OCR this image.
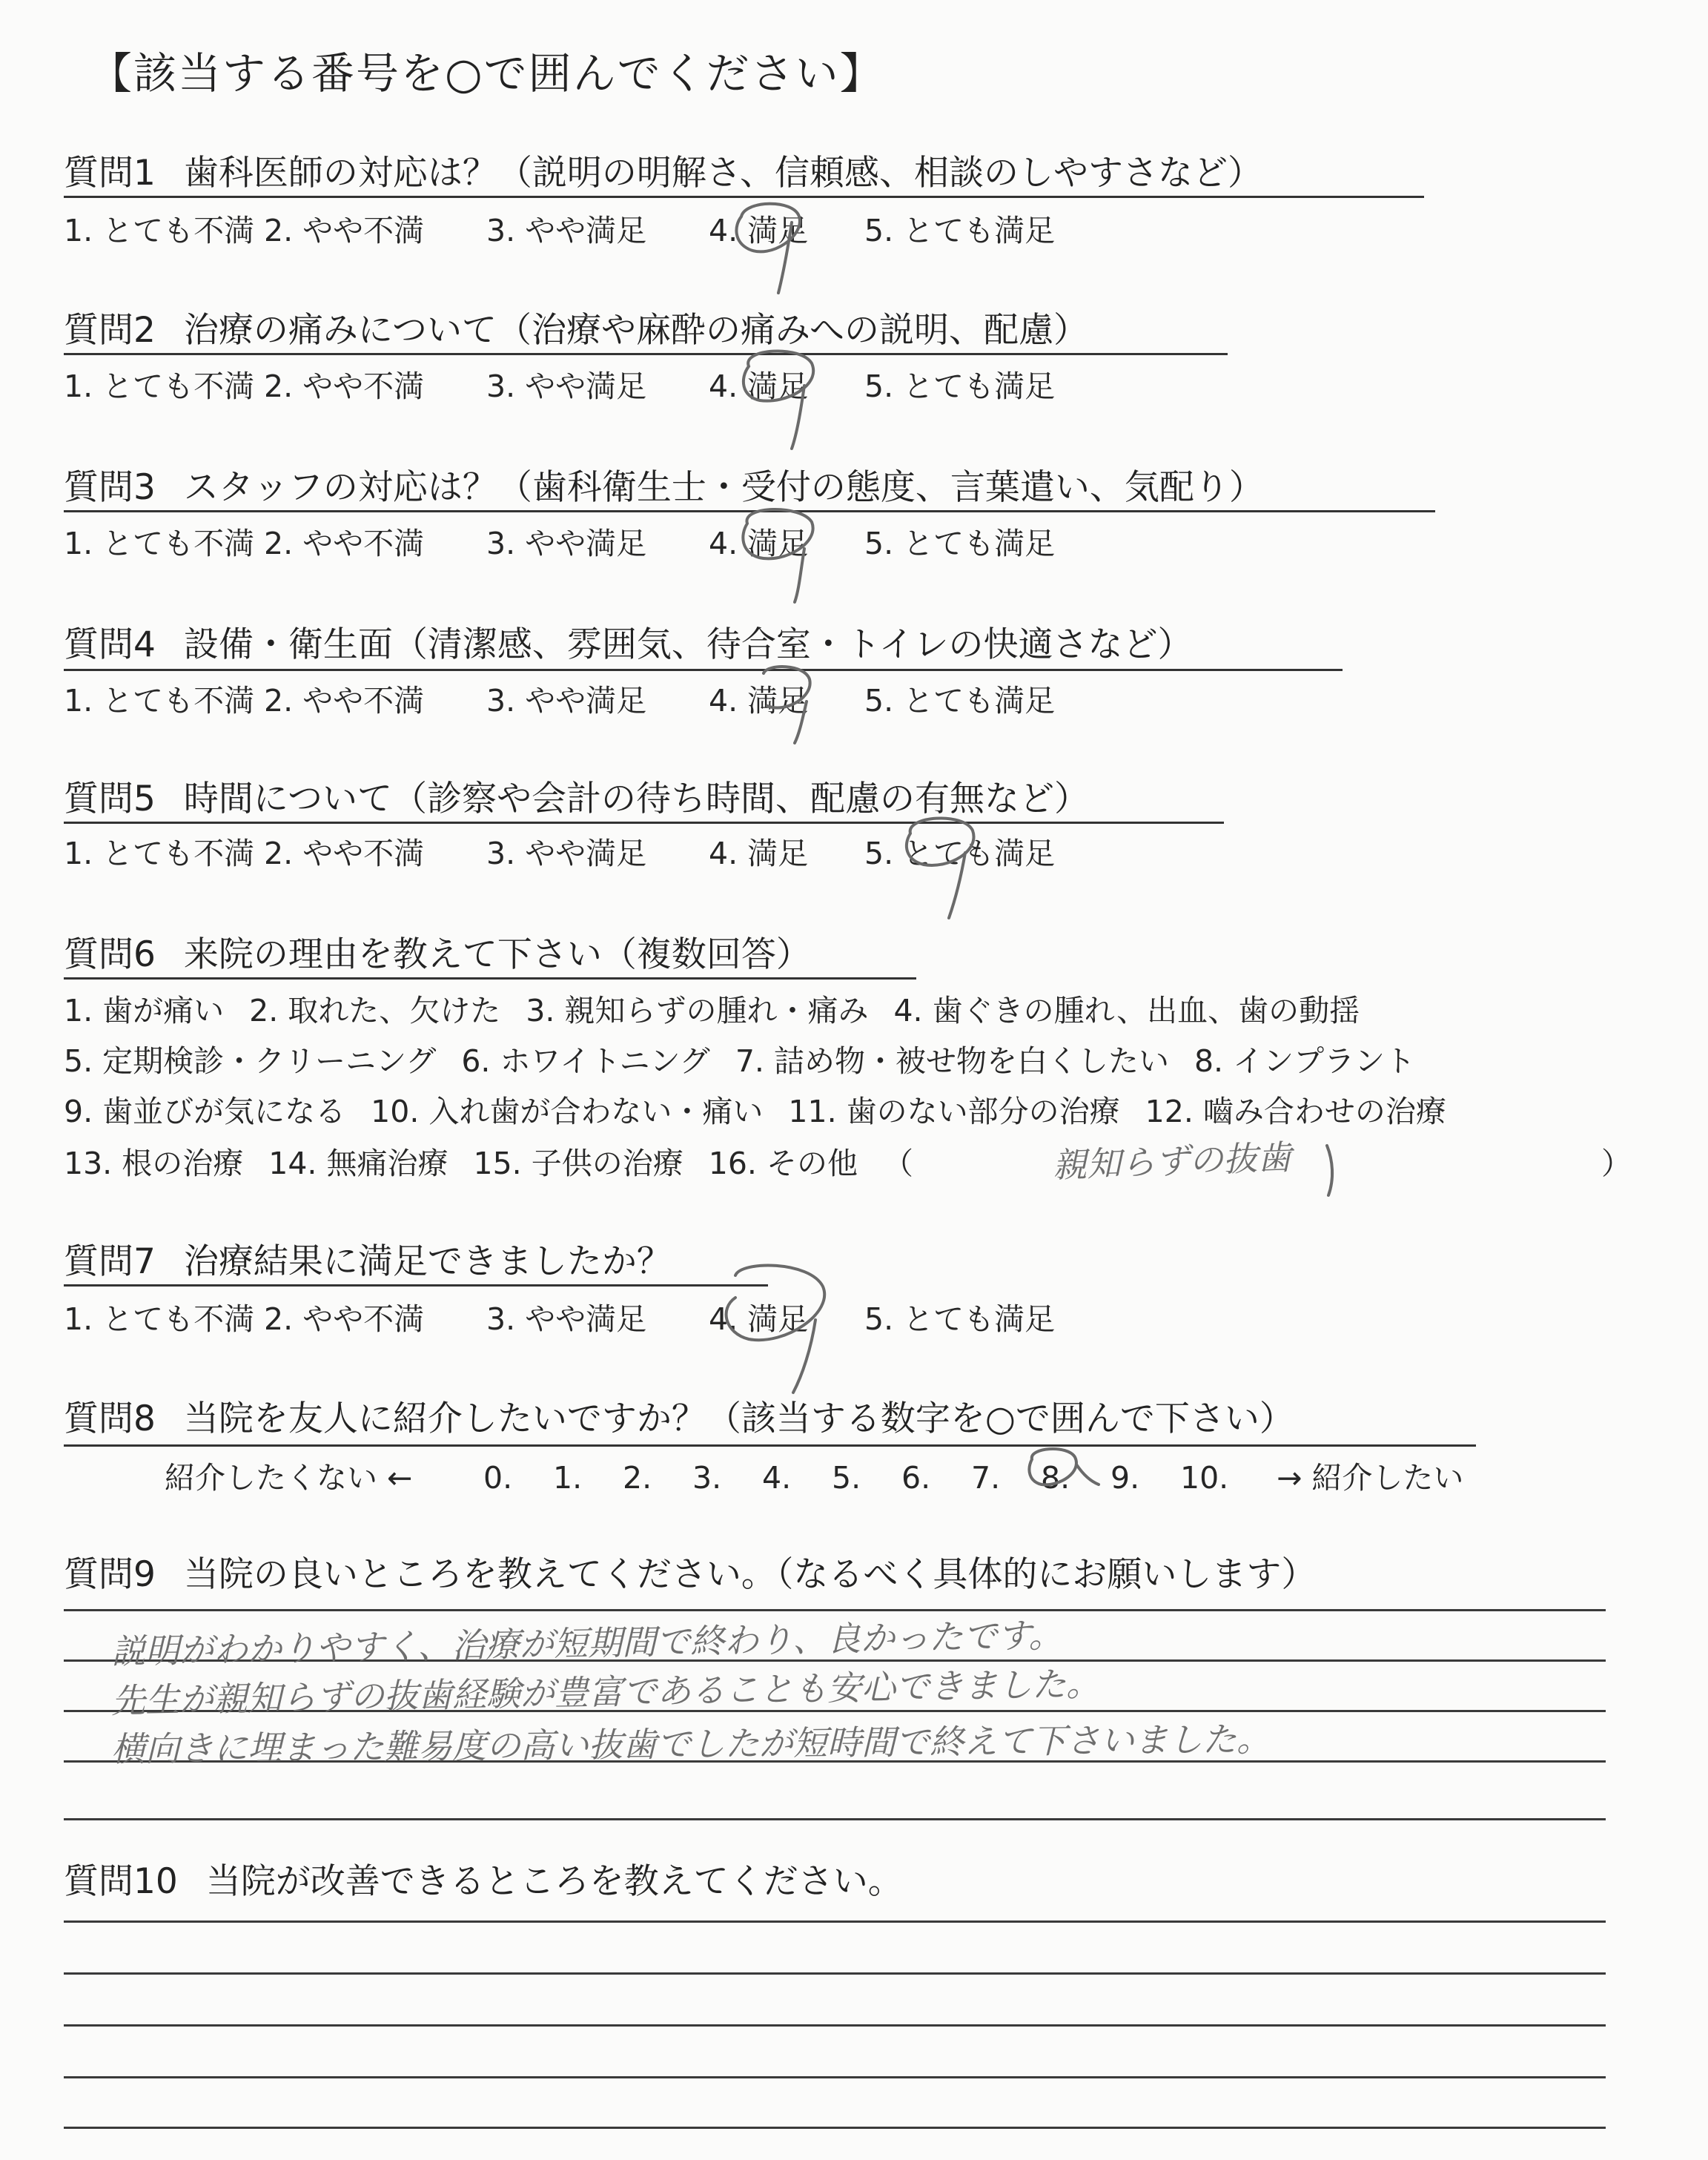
【該当する番号を○で囲んでください】
質問1 歯科医師の対応は？（説明の明解さ、信頼感、相談のしやすさなど）
1. とても不満 2. やや不満 3. やや満足 4. 満足 5. とても満足
質問2 治療の痛みについて（治療や麻酔の痛みへの説明、配慮）
1. とても不満 2. やや不満 3. やや満足 4. 満足 5. とても満足
質問3 スタッフの対応は？（歯科衛生士・受付の態度、言葉遣い、気配り）
1. とても不満 2. やや不満 3. やや満足 4. 満足 5. とても満足
質問4 設備・衛生面（清潔感、雰囲気、待合室・トイレの快適さなど）
1. とても不満 2. やや不満 3. やや満足 4. 満足 5. とても満足
質問5 時間について（診察や会計の待ち時間、配慮の有無など）
1. とても不満 2. やや不満 3. やや満足 4. 満足 5. とても満足
質問6 来院の理由を教えて下さい（複数回答）
1. 歯が痛い 2. 取れた、欠けた 3. 親知らずの腫れ・痛み 4. 歯ぐきの腫れ、出血、歯の動揺
5. 定期検診・クリーニング 6. ホワイトニング 7. 詰め物・被せ物を白くしたい 8. インプラント
9. 歯並びが気になる 10. 入れ歯が合わない・痛い 11. 歯のない部分の治療 12. 嚙み合わせの治療
13. 根の治療 14. 無痛治療 15. 子供の治療 16. その他 （	親知らずの抜歯	）
質問7 治療結果に満足できましたか？
1. とても不満 2. やや不満 3. やや満足 4. 満足 5. とても満足
質問8 当院を友人に紹介したいですか？（該当する数字を○で囲んで下さい）
紹介したくない ← 0. 1. 2. 3. 4. 5. 6. 7. 8. 9. 10. → 紹介したい
質問9 当院の良いところを教えてください。（なるべく具体的にお願いします）
説明がわかりやすく、治療が短期間で終わり、良かったです。
先生が親知らずの抜歯経験が豊富であることも安心できました。
横向きに埋まった難易度の高い抜歯でしたが短時間で終えて下さいました。
質問10 当院が改善できるところを教えてください。
